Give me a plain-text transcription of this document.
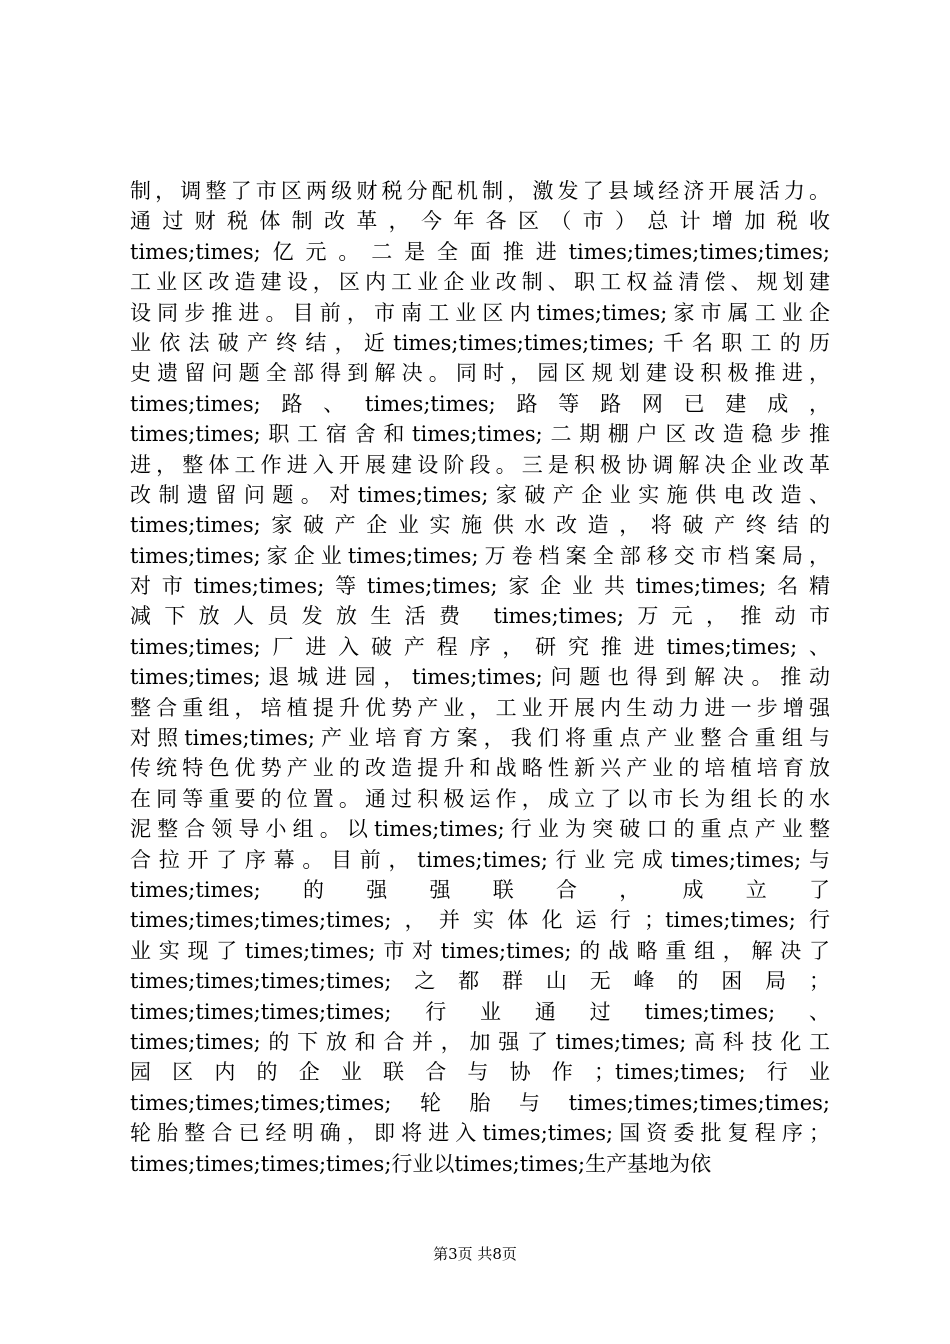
制，调整了市区两级财税分配机制，激发了县域经济开展活力。
通过财税体制改革，今年各区（市）总计增加税收
times;times;亿元。二是全面推进times;times;times;times;
工业区改造建设，区内工业企业改制、职工权益清偿、规划建
设同步推进。目前，市南工业区内times;times;家市属工业企
业依法破产终结，近times;times;times;times;千名职工的历
史遗留问题全部得到解决。同时，园区规划建设积极推进，
times;times;路、times;times;路等路网已建成，
times;times;职工宿舍和times;times;二期棚户区改造稳步推
进，整体工作进入开展建设阶段。三是积极协调解决企业改革
改制遗留问题。对times;times;家破产企业实施供电改造、
times;times;家破产企业实施供水改造，将破产终结的
times;times;家企业times;times;万卷档案全部移交市档案局，
对市times;times;等times;times;家企业共times;times;名精
减下放人员发放生活费 times;times;万元，推动市
times;times;厂进入破产程序，研究推进times;times;、
times;times;退城进园，times;times;问题也得到解决。推动
整合重组，培植提升优势产业，工业开展内生动力进一步增强
对照times;times;产业培育方案，我们将重点产业整合重组与
传统特色优势产业的改造提升和战略性新兴产业的培植培育放
在同等重要的位置。通过积极运作，成立了以市长为组长的水
泥整合领导小组。以times;times;行业为突破口的重点产业整
合拉开了序幕。目前，times;times;行业完成times;times;与
times;times;的强强联合，成立了
times;times;times;times;，并实体化运行；times;times;行
业实现了times;times;市对times;times;的战略重组，解决了
times;times;times;times;之都群山无峰的困局；
times;times;times;times;行业通过times;times;、
times;times;的下放和合并，加强了times;times;高科技化工
园区内的企业联合与协作；times;times;行业
times;times;times;times;轮胎与times;times;times;times;
轮胎整合已经明确，即将进入times;times;国资委批复程序；
times;times;times;times;行业以times;times;生产基地为依
第3页 共8页
